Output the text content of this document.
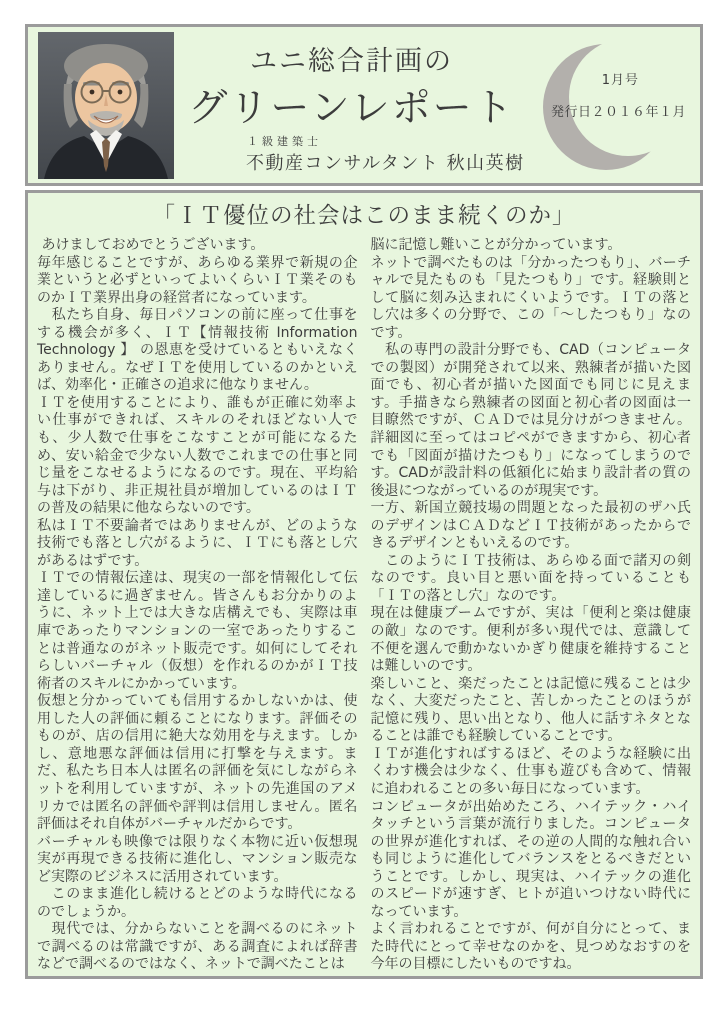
ユニ総合計画の
グリーンレポート
１級建築士
不動産コンサルタント 秋山英樹
1月号
発行日２０１６年１月
「ＩＴ優位の社会はこのまま続くのか」

あけましておめでとうございます。

毎年感じることですが、あらゆる業界で新規の企業というと必ずといってよいくらいＩＴ業そのものかＩＴ業界出身の経営者になっています。

　私たち自身、毎日パソコンの前に座って仕事をする機会が多く、ＩＴ【情報技術 Information Technology 】 の恩恵を受けているともいえなくありません。なぜＩＴを使用しているのかといえば、効率化・正確さの追求に他なりません。

ＩＴを使用することにより、誰もが正確に効率よい仕事ができれば、スキルのそれほどない人でも、少人数で仕事をこなすことが可能になるため、安い給金で少ない人数でこれまでの仕事と同じ量をこなせるようになるのです。現在、平均給与は下がり、非正規社員が増加しているのはＩＴの普及の結果に他ならないのです。

私はＩＴ不要論者ではありませんが、どのような技術でも落とし穴がるように、ＩＴにも落とし穴があるはずです。

ＩＴでの情報伝達は、現実の一部を情報化して伝達しているに過ぎません。皆さんもお分かりのように、ネット上では大きな店構えでも、実際は車庫であったりマンションの一室であったりすることは普通なのがネット販売です。如何にしてそれらしいバーチャル（仮想）を作れるのかがＩＴ技術者のスキルにかかっています。

仮想と分かっていても信用するかしないかは、使用した人の評価に頼ることになります。評価そのものが、店の信用に絶大な効用を与えます。しかし、意地悪な評価は信用に打撃を与えます。まだ、私たち日本人は匿名の評価を気にしながらネットを利用していますが、ネットの先進国のアメリカでは匿名の評価や評判は信用しません。匿名評価はそれ自体がバーチャルだからです。

バーチャルも映像では限りなく本物に近い仮想現実が再現できる技術に進化し、マンション販売など実際のビジネスに活用されています。

　このまま進化し続けるとどのような時代になるのでしょうか。

　現代では、分からないことを調べるのにネットで調べるのは常識ですが、ある調査によれば辞書などで調べるのではなく、ネットで調べたことは

脳に記憶し難いことが分かっています。

ネットで調べたものは「分かったつもり」、バーチャルで見たものも「見たつもり」です。経験則として脳に刻み込まれにくいようです。ＩＴの落とし穴は多くの分野で、この「～したつもり」なのです。

　私の専門の設計分野でも、CAD（コンピュータでの製図）が開発されて以来、熟練者が描いた図面でも、初心者が描いた図面でも同じに見えます。手描きなら熟練者の図面と初心者の図面は一目瞭然ですが、ＣＡＤでは見分けがつきません。詳細図に至ってはコピペができますから、初心者でも「図面が描けたつもり」になってしまうのです。CADが設計料の低額化に始まり設計者の質の後退につながっているのが現実です。

一方、新国立競技場の問題となった最初のザハ氏のデザインはＣＡＤなどＩＴ技術があったからできるデザインともいえるのです。

　このようにＩＴ技術は、あらゆる面で諸刃の剣なのです。良い目と悪い面を持っていることも「ＩＴの落とし穴」なのです。

現在は健康ブームですが、実は「便利と楽は健康の敵」なのです。便利が多い現代では、意識して不便を選んで動かないかぎり健康を維持することは難しいのです。

楽しいこと、楽だったことは記憶に残ることは少なく、大変だったこと、苦しかったことのほうが記憶に残り、思い出となり、他人に話すネタとなることは誰でも経験していることです。

ＩＴが進化すればするほど、そのような経験に出くわす機会は少なく、仕事も遊びも含めて、情報に追われることの多い毎日になっています。

コンピュータが出始めたころ、ハイテック・ハイタッチという言葉が流行りました。コンピュータの世界が進化すれば、その逆の人間的な触れ合いも同じように進化してバランスをとるべきだということです。しかし、現実は、ハイテックの進化のスピードが速すぎ、ヒトが追いつけない時代になっています。

よく言われることですが、何が自分にとって、また時代にとって幸せなのかを、見つめなおすのを今年の目標にしたいものですね。
